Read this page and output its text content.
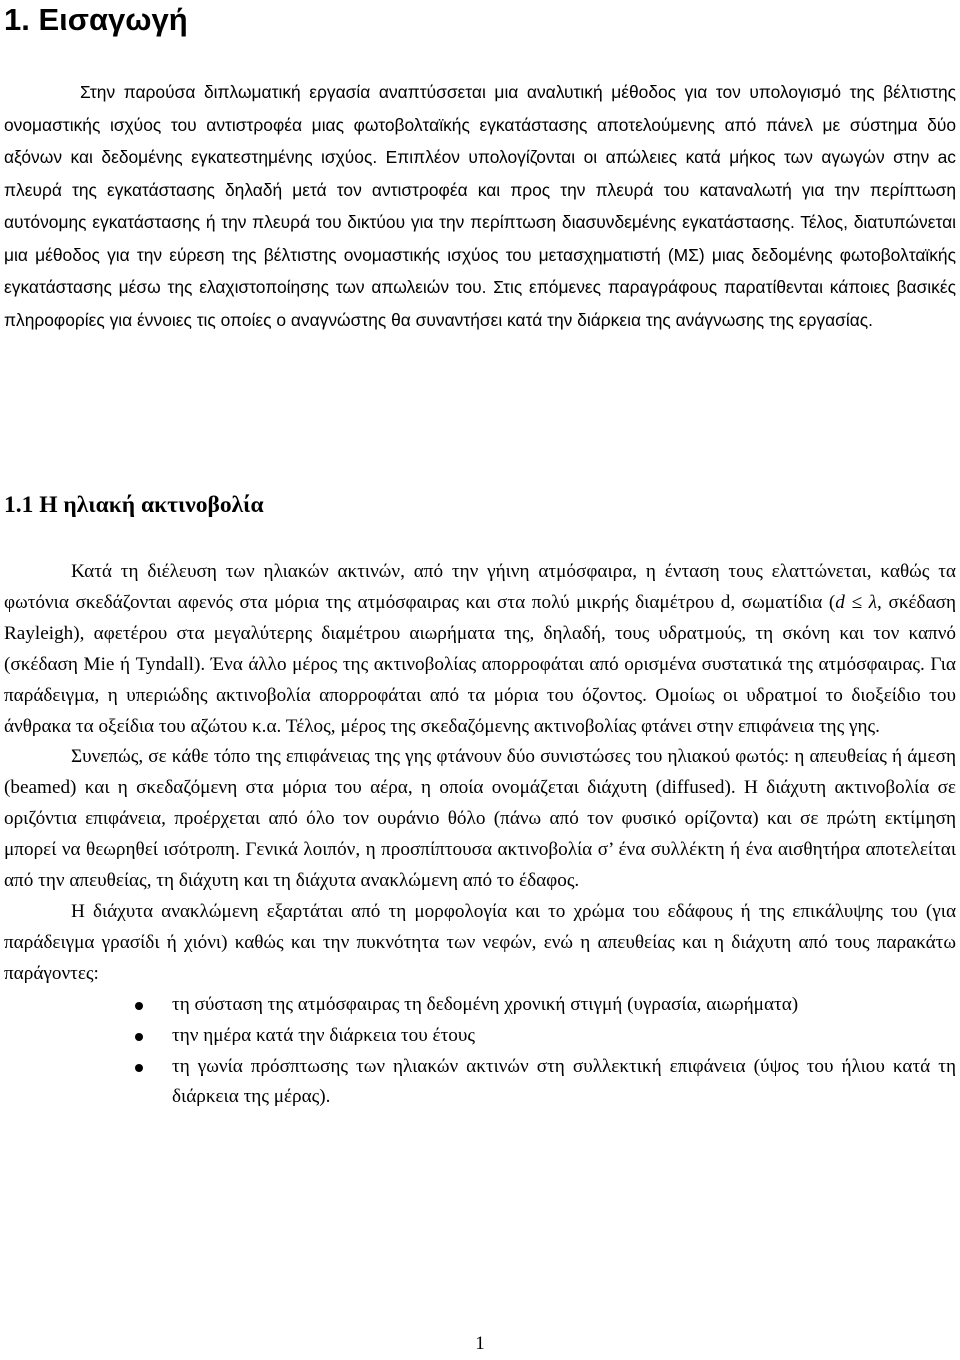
1. Εισαγωγή

Στην παρούσα διπλωματική εργασία αναπτύσσεται μια αναλυτική μέθοδος για τον υπολογισμό της βέλτιστης ονομαστικής ισχύος του αντιστροφέα μιας φωτοβολταϊκής εγκατάστασης αποτελούμενης από πάνελ με σύστημα δύο αξόνων και δεδομένης εγκατεστημένης ισχύος. Επιπλέον υπολογίζονται οι απώλειες κατά μήκος των αγωγών στην ac πλευρά της εγκατάστασης δηλαδή μετά τον αντιστροφέα και προς την πλευρά του καταναλωτή για την περίπτωση αυτόνομης εγκατάστασης ή την πλευρά του δικτύου για την περίπτωση διασυνδεμένης εγκατάστασης. Τέλος, διατυπώνεται μια μέθοδος για την εύρεση της βέλτιστης ονομαστικής ισχύος του μετασχηματιστή (ΜΣ) μιας δεδομένης φωτοβολταϊκής εγκατάστασης μέσω της ελαχιστοποίησης των απωλειών του. Στις επόμενες παραγράφους παρατίθενται κάποιες βασικές πληροφορίες για έννοιες τις οποίες ο αναγνώστης θα συναντήσει κατά την διάρκεια της ανάγνωσης της εργασίας.

1.1 Η ηλιακή ακτινοβολία

Κατά τη διέλευση των ηλιακών ακτινών, από την γήινη ατμόσφαιρα, η ένταση τους ελαττώνεται, καθώς τα φωτόνια σκεδάζονται αφενός στα μόρια της ατμόσφαιρας και στα πολύ μικρής διαμέτρου d, σωματίδια (d ≤ λ, σκέδαση Rayleigh), αφετέρου στα μεγαλύτερης διαμέτρου αιωρήματα της, δηλαδή, τους υδρατμούς, τη σκόνη και τον καπνό (σκέδαση Mie ή Tyndall). Ένα άλλο μέρος της ακτινοβολίας απορροφάται από ορισμένα συστατικά της ατμόσφαιρας. Για παράδειγμα, η υπεριώδης ακτινοβολία απορροφάται από τα μόρια του όζοντος. Ομοίως οι υδρατμοί το διοξείδιο του άνθρακα τα οξείδια του αζώτου κ.α. Τέλος, μέρος της σκεδαζόμενης ακτινοβολίας φτάνει στην επιφάνεια της γης.

Συνεπώς, σε κάθε τόπο της επιφάνειας της γης φτάνουν δύο συνιστώσες του ηλιακού φωτός: η απευθείας ή άμεση (beamed) και η σκεδαζόμενη στα μόρια του αέρα, η οποία ονομάζεται διάχυτη (diffused). Η διάχυτη ακτινοβολία σε οριζόντια επιφάνεια, προέρχεται από όλο τον ουράνιο θόλο (πάνω από τον φυσικό ορίζοντα) και σε πρώτη εκτίμηση μπορεί να θεωρηθεί ισότροπη. Γενικά λοιπόν, η προσπίπτουσα ακτινοβολία σ’ ένα συλλέκτη ή ένα αισθητήρα αποτελείται από την απευθείας, τη διάχυτη και τη διάχυτα ανακλώμενη από το έδαφος.

Η διάχυτα ανακλώμενη εξαρτάται από τη μορφολογία και το χρώμα του εδάφους ή της επικάλυψης του (για παράδειγμα γρασίδι ή χιόνι) καθώς και την πυκνότητα των νεφών, ενώ η απευθείας και η διάχυτη από τους παρακάτω παράγοντες:

τη σύσταση της ατμόσφαιρας τη δεδομένη χρονική στιγμή (υγρασία, αιωρήματα)
την ημέρα κατά την διάρκεια του έτους
τη γωνία πρόσπτωσης των ηλιακών ακτινών στη συλλεκτική επιφάνεια (ύψος του ήλιου κατά τη διάρκεια της μέρας).
1
